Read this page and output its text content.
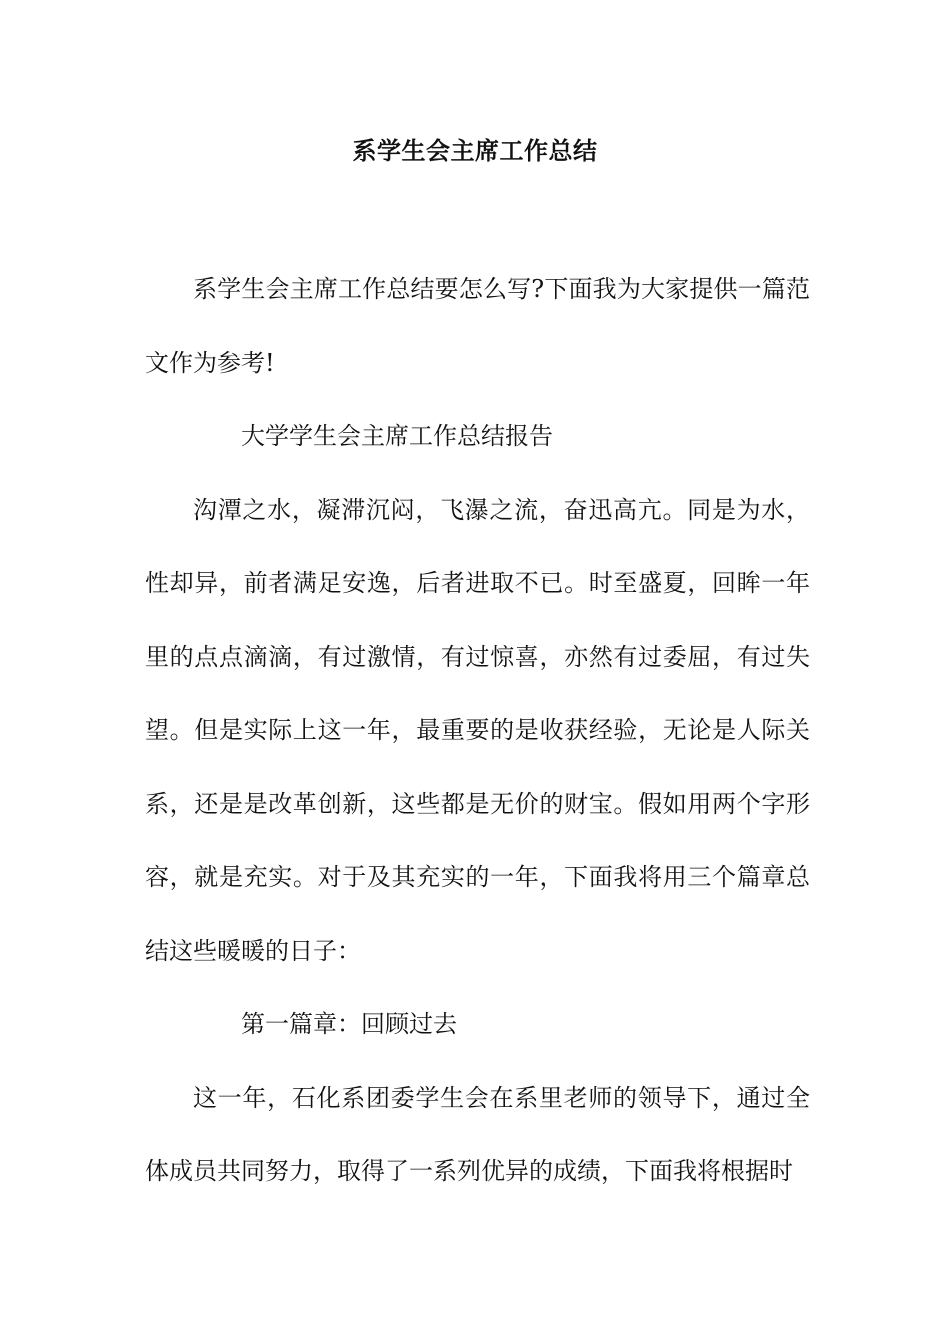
系学生会主席工作总结

系学生会主席工作总结要怎么写?下面我为大家提供一篇范文作为参考!

大学学生会主席工作总结报告

沟潭之水，凝滞沉闷，飞瀑之流，奋迅高亢。同是为水，性却异，前者满足安逸，后者进取不已。时至盛夏，回眸一年里的点点滴滴，有过激情，有过惊喜，亦然有过委屈，有过失望。但是实际上这一年，最重要的是收获经验，无论是人际关系，还是是改革创新，这些都是无价的财宝。假如用两个字形容，就是充实。对于及其充实的一年，下面我将用三个篇章总结这些暖暖的日子：

第一篇章：回顾过去

这一年，石化系团委学生会在系里老师的领导下，通过全体成员共同努力，取得了一系列优异的成绩，下面我将根据时
